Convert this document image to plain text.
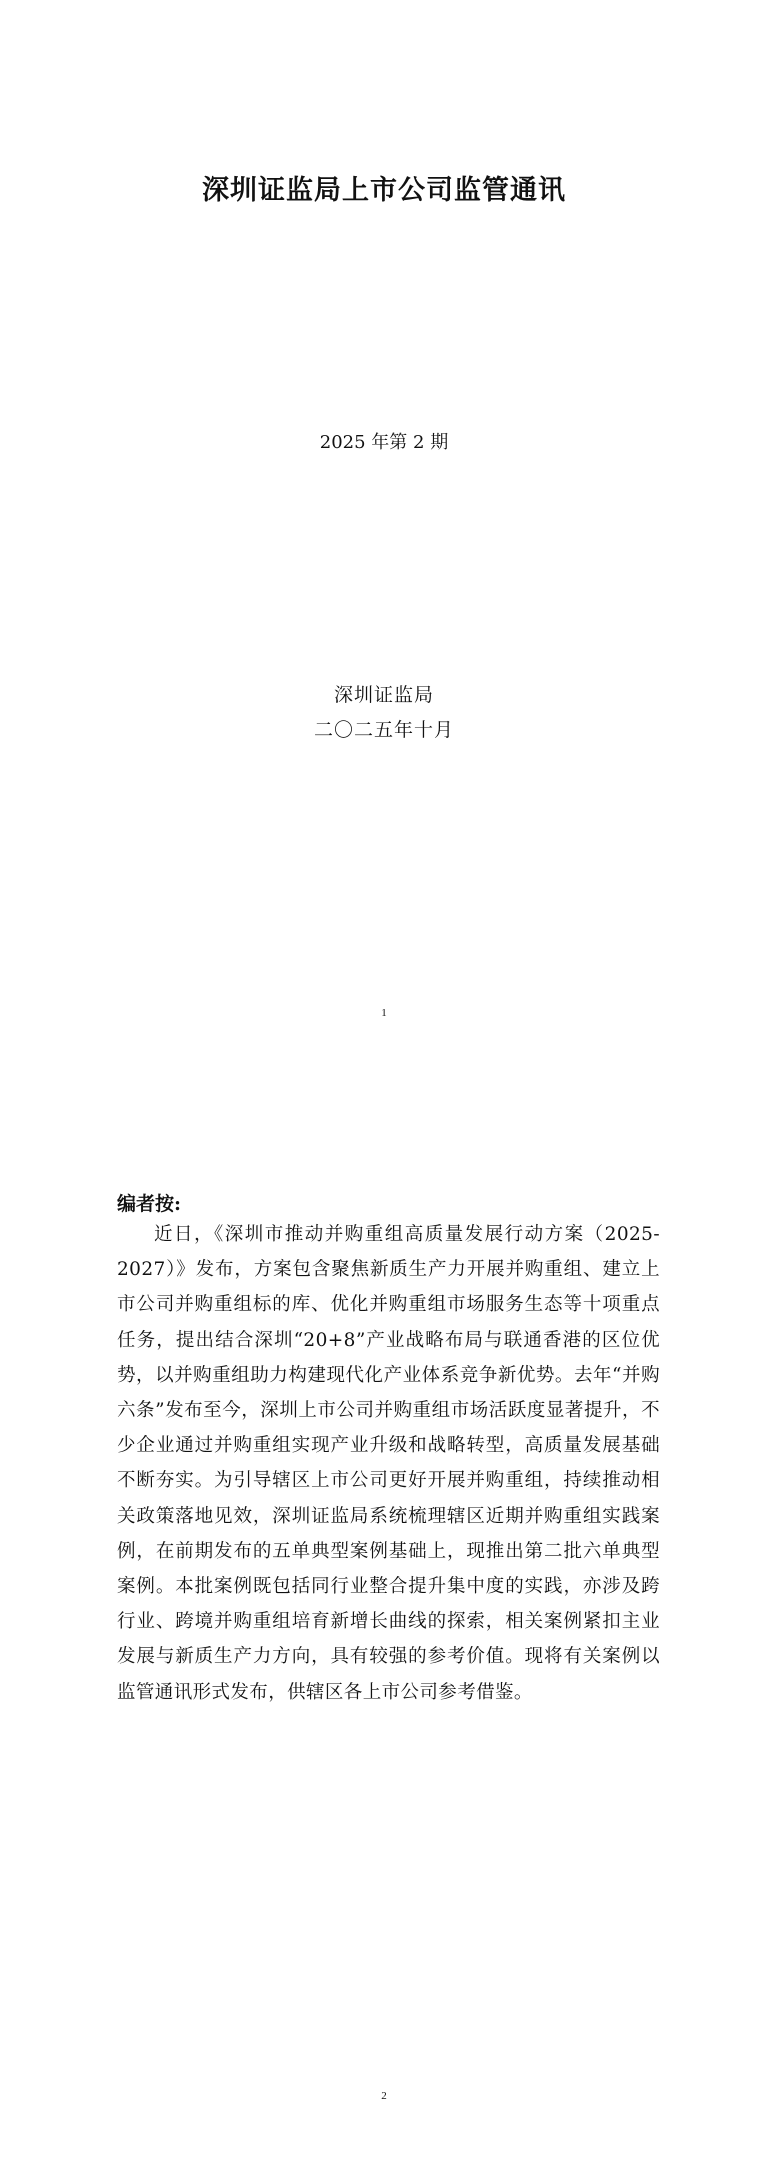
深圳证监局上市公司监管通讯
2025 年第 2 期
深圳证监局
二〇二五年十月
1
编者按:

近日，《深圳市推动并购重组高质量发展行动方案（2025-2027）》发布，方案包含聚焦新质生产力开展并购重组、建立上市公司并购重组标的库、优化并购重组市场服务生态等十项重点任务，提出结合深圳“20+8”产业战略布局与联通香港的区位优势，以并购重组助力构建现代化产业体系竞争新优势。去年“并购六条”发布至今，深圳上市公司并购重组市场活跃度显著提升，不少企业通过并购重组实现产业升级和战略转型，高质量发展基础不断夯实。为引导辖区上市公司更好开展并购重组，持续推动相关政策落地见效，深圳证监局系统梳理辖区近期并购重组实践案例，在前期发布的五单典型案例基础上，现推出第二批六单典型案例。本批案例既包括同行业整合提升集中度的实践，亦涉及跨行业、跨境并购重组培育新增长曲线的探索，相关案例紧扣主业发展与新质生产力方向，具有较强的参考价值。现将有关案例以监管通讯形式发布，供辖区各上市公司参考借鉴。

2
